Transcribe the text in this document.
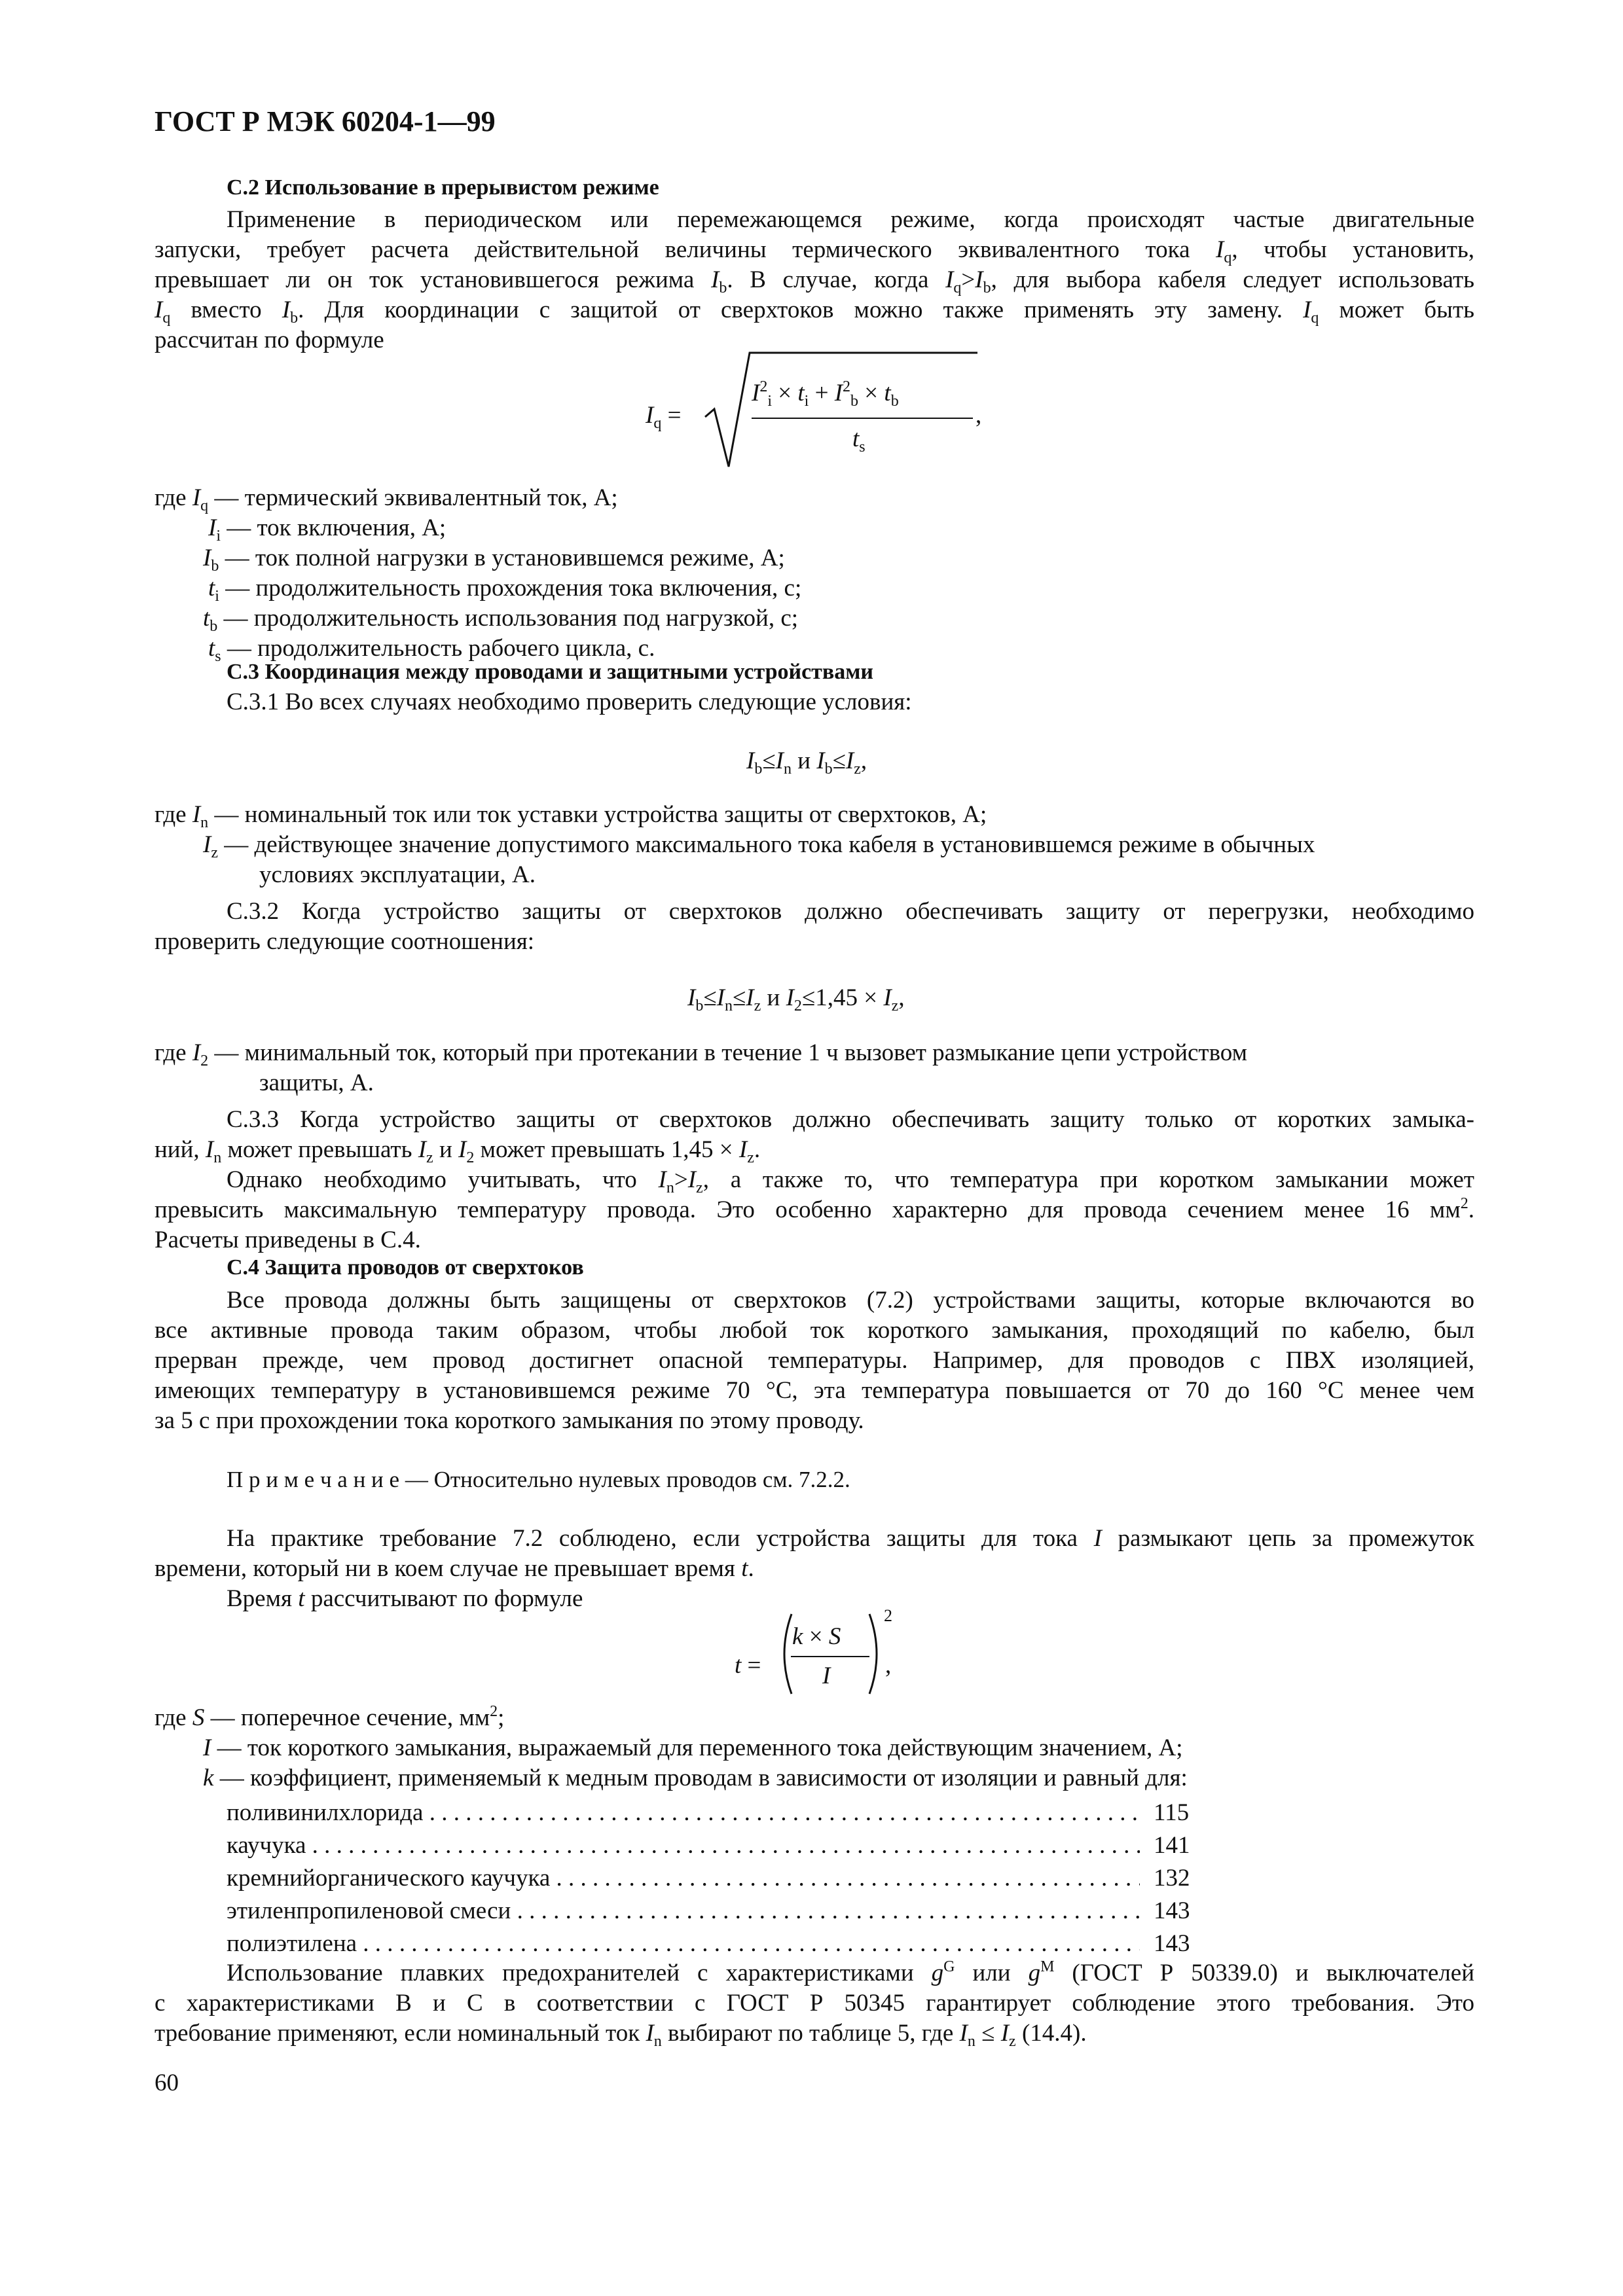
ГОСТ Р МЭК 60204-1—99
С.2 Использование в прерывистом режиме
Применение в периодическом или перемежающемся режиме, когда происходят частые двигательные
запуски, требует расчета действительной величины термического эквивалентного тока $I_q$, чтобы установить,
превышает ли он ток установившегося режима $I_b$. В случае, когда $I_q>I_b$, для выбора кабеля следует использовать
$I_q$ вместо $I_b$. Для координации с защитой от сверхтоков можно также применять эту замену. $I_q$ может быть
рассчитан по формуле
$I_q$ =
$I^2_i \times t_i + I^2_b \times t_b$
$t_s$
,
где $I_q$ — термический эквивалентный ток, А;
$I_i$ — ток включения, А;
$I_b$ — ток полной нагрузки в установившемся режиме, А;
$t_i$ — продолжительность прохождения тока включения, с;
$t_b$ — продолжительность использования под нагрузкой, с;
$t_s$ — продолжительность рабочего цикла, с.
С.3 Координация между проводами и защитными устройствами
С.3.1 Во всех случаях необходимо проверить следующие условия:
$I_b\le I_n$ и $I_b\le I_z$,
где $I_n$ — номинальный ток или ток уставки устройства защиты от сверхтоков, А;
$I_z$ — действующее значение допустимого максимального тока кабеля в установившемся режиме в обычных
условиях эксплуатации, А.
С.3.2 Когда устройство защиты от сверхтоков должно обеспечивать защиту от перегрузки, необходимо
проверить следующие соотношения:
$I_b\le I_n\le I_z$ и $I_2\le 1,45 \times I_z$,
где $I_2$ — минимальный ток, который при протекании в течение 1 ч вызовет размыкание цепи устройством
защиты, А.
С.3.3 Когда устройство защиты от сверхтоков должно обеспечивать защиту только от коротких замыка-
ний, $I_n$ может превышать $I_z$ и $I_2$ может превышать $1,45 \times I_z$.
Однако необходимо учитывать, что $I_n>I_z$, а также то, что температура при коротком замыкании может
превысить максимальную температуру провода. Это особенно характерно для провода сечением менее 16 $мм^2$.
Расчеты приведены в С.4.
С.4 Защита проводов от сверхтоков
Все провода должны быть защищены от сверхтоков (7.2) устройствами защиты, которые включаются во
все активные провода таким образом, чтобы любой ток короткого замыкания, проходящий по кабелю, был
прерван прежде, чем провод достигнет опасной температуры. Например, для проводов с ПВХ изоляцией,
имеющих температуру в установившемся режиме 70 °С, эта температура повышается от 70 до 160 °С менее чем
за 5 с при прохождении тока короткого замыкания по этому проводу.
П р и м е ч а н и е — Относительно нулевых проводов см. 7.2.2.
На практике требование 7.2 соблюдено, если устройства защиты для тока I размыкают цепь за промежуток
времени, который ни в коем случае не превышает время t.
Время t рассчитывают по формуле
t =
k × S
I
2
,
где S — поперечное сечение, $мм^2$;
I — ток короткого замыкания, выражаемый для переменного тока действующим значением, А;
k — коэффициент, применяемый к медным проводам в зависимости от изоляции и равный для:
поливинилхлорида . . .	115
каучука . . .	141
кремнийорганического каучука . . .	132
этиленпропиленовой смеси . . .	143
полиэтилена . . .	143
Использование плавких предохранителей с характеристиками $g^G$ или $g^M$ (ГОСТ Р 50339.0) и выключателей
с характеристиками В и С в соответствии с ГОСТ Р 50345 гарантирует соблюдение этого требования. Это
требование применяют, если номинальный ток $I_n$ выбирают по таблице 5, где $I_n \le I_z$ (14.4).
60
